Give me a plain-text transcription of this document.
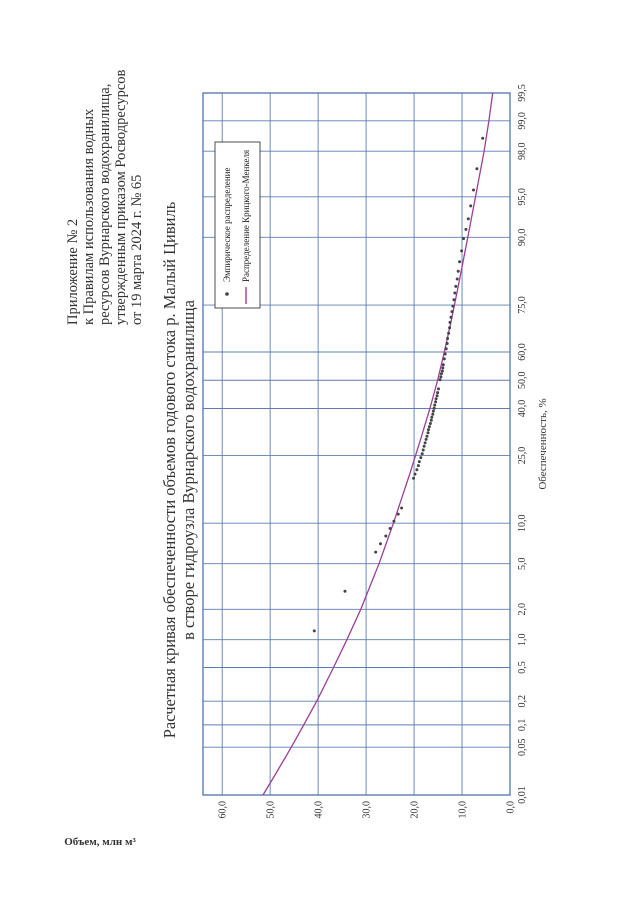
Приложение № 2 к Правилам использования водных ресурсов Вурнарского водохранилища, утвержденным приказом Росводресурсов от 19 марта 2024 г. № 65 Расчетная кривая обеспеченности объемов годового стока р. Малый Цивиль в створе гидроузла Вурнарского водохранилища
0,01
0,05
0,1
0,2
0,5
1,0
2,0
5,0
10,0
25,0
40,0
50,0
60,0
75,0
90,0
95,0
98,0
99,0
99,5
0,0
10,0
20,0
30,0
40,0
50,0
60,0
Обеспеченность, %
Объем, млн м³
Эмпирическое распределение Распределение Крицкого-Менкеля
